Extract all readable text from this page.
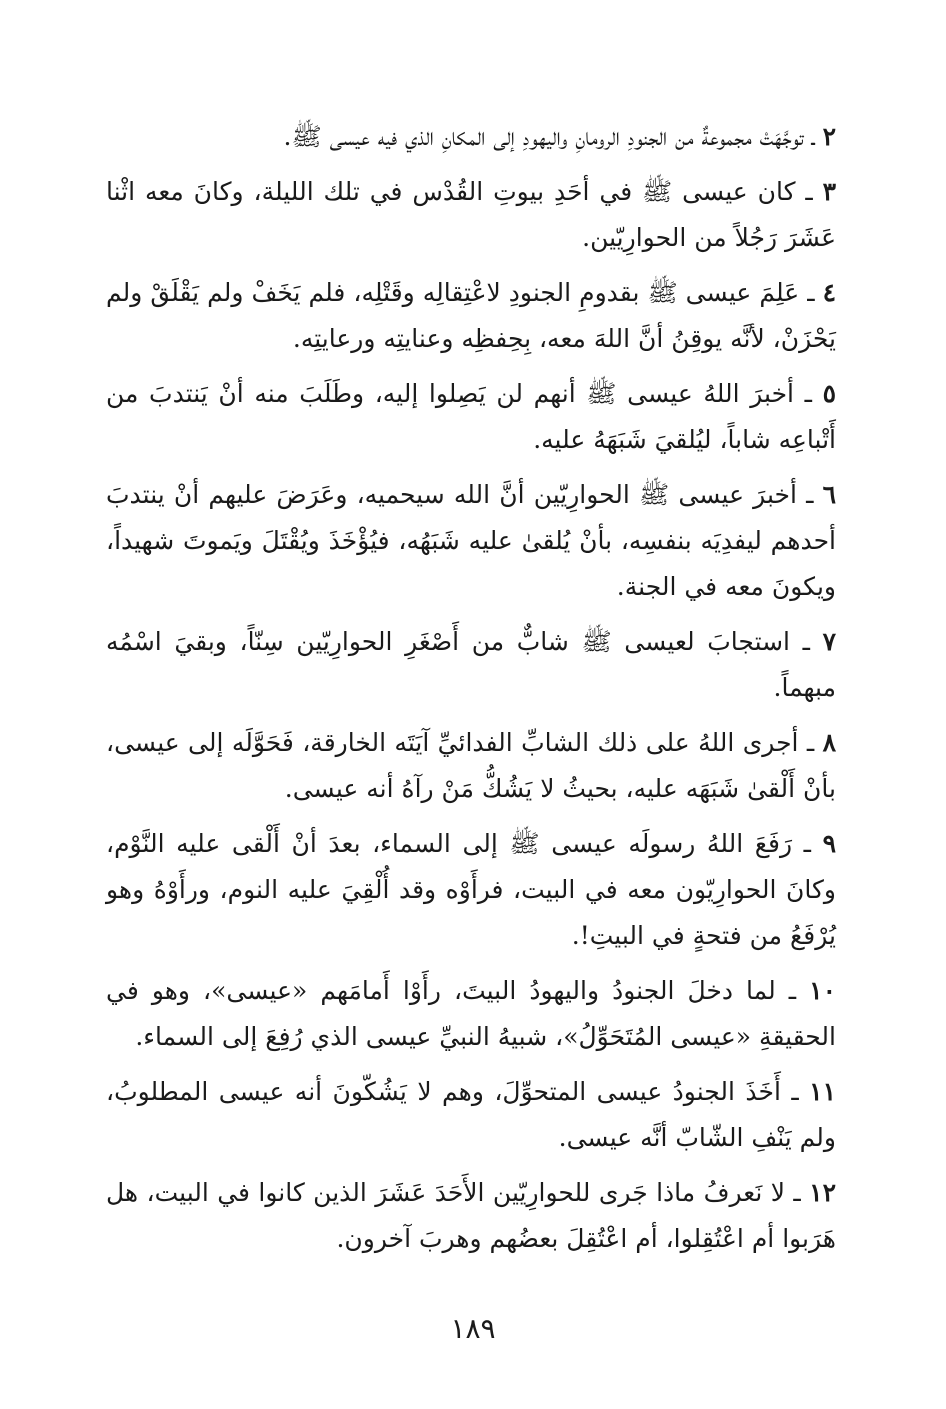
٢ ـ توجَّهَتْ مجموعةٌ من الجنودِ الرومانِ واليهودِ إلى المكانِ الذي فيه عيسى ﷺ.

٣ ـ كان عيسى ﷺ في أحَدِ بيوتِ القُدْس في تلك الليلة، وكانَ معه اثْنا عَشَرَ رَجُلاً من الحوارِيّين.

٤ ـ عَلِمَ عيسى ﷺ بقدومِ الجنودِ لاعْتِقالِه وقَتْلِه، فلم يَخَفْ ولم يَقْلَقْ ولم يَحْزَنْ، لأنَّه يوقِنُ أنَّ اللهَ معه، بِحِفظِه وعنايتِه ورعايتِه.

٥ ـ أخبرَ اللهُ عيسى ﷺ أنهم لن يَصِلوا إليه، وطَلَبَ منه أنْ يَنتدبَ من أَتْباعِه شاباً، ليُلقيَ شَبَهَهُ عليه.

٦ ـ أخبرَ عيسى ﷺ الحوارِيّين أنَّ الله سيحميه، وعَرَضَ عليهم أنْ ينتدبَ أحدهم ليفدِيَه بنفسِه، بأنْ يُلقىٰ عليه شَبَهُه، فيُؤْخَذَ ويُقْتَلَ ويَموتَ شهيداً، ويكونَ معه في الجنة.

٧ ـ استجابَ لعيسى ﷺ شابٌّ من أَصْغَرِ الحوارِيّين سِنّاً، وبقيَ اسْمُه مبهماً.

٨ ـ أجرى اللهُ على ذلك الشابِّ الفدائيِّ آيَتَه الخارقة، فَحَوَّلَه إلى عيسى، بأنْ أَلْقىٰ شَبَهَه عليه، بحيثُ لا يَشُكُّ مَنْ رآهُ أنه عيسى.

٩ ـ رَفَعَ اللهُ رسولَه عيسى ﷺ إلى السماء، بعدَ أنْ أَلْقى عليه النَّوْم، وكانَ الحوارِيّون معه في البيت، فرأَوْه وقد أُلْقِيَ عليه النوم، ورأَوْهُ وهو يُرْفَعُ من فتحةٍ في البيتِ!.

١٠ ـ لما دخلَ الجنودُ واليهودُ البيتَ، رأَوْا أَمامَهم «عيسى»، وهو في الحقيقةِ «عيسى المُتَحَوِّلُ»، شبيهُ النبيِّ عيسى الذي رُفِعَ إلى السماء.

١١ ـ أَخَذَ الجنودُ عيسى المتحوِّلَ، وهم لا يَشُكّونَ أنه عيسى المطلوبُ، ولم يَنْفِ الشّابّ أنَّه عيسى.

١٢ ـ لا نَعرفُ ماذا جَرى للحوارِيّين الأَحَدَ عَشَرَ الذين كانوا في البيت، هل هَرَبوا أم اعْتُقِلوا، أم اعْتُقِلَ بعضُهم وهربَ آخرون.

١٨٩
